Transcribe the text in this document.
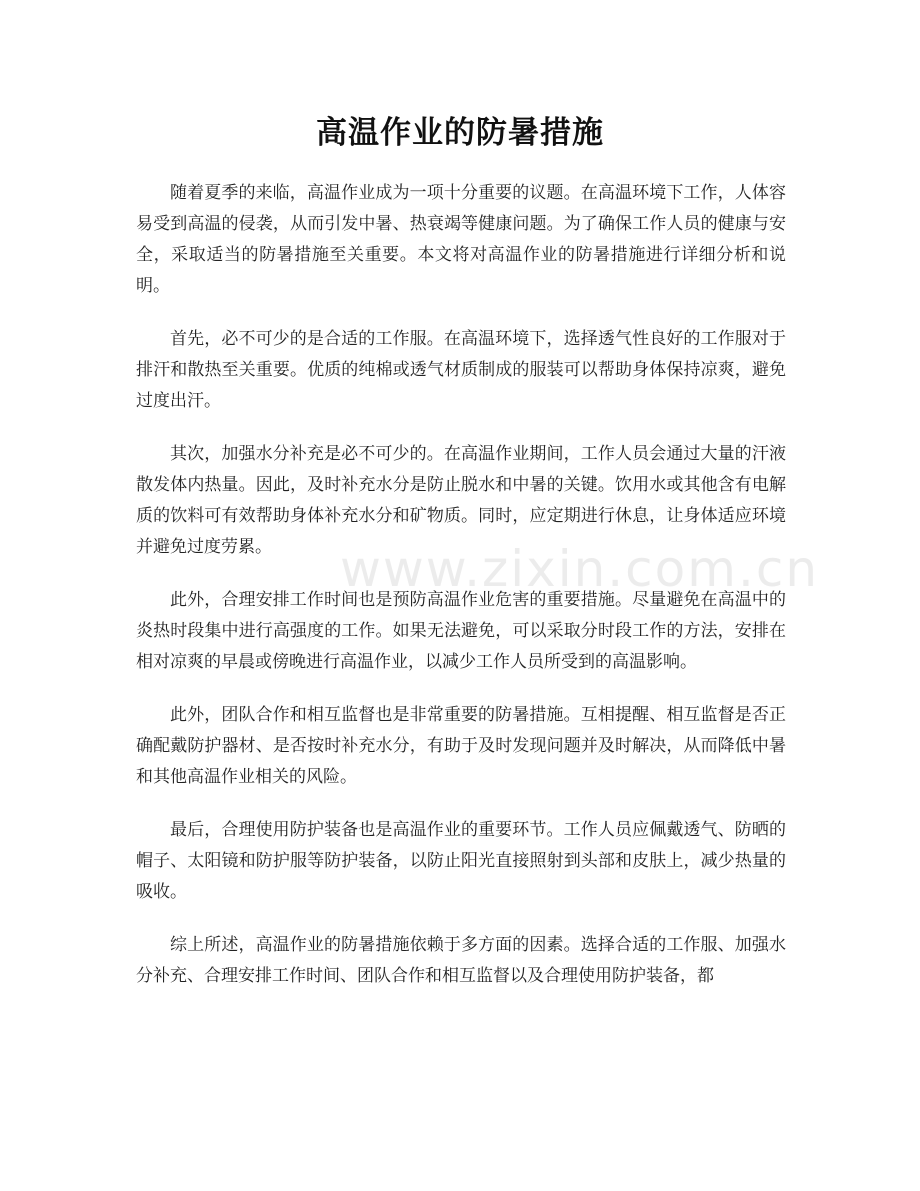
高温作业的防暑措施

随着夏季的来临，高温作业成为一项十分重要的议题。在高温环境下工作，人体容易受到高温的侵袭，从而引发中暑、热衰竭等健康问题。为了确保工作人员的健康与安全，采取适当的防暑措施至关重要。本文将对高温作业的防暑措施进行详细分析和说明。

首先，必不可少的是合适的工作服。在高温环境下，选择透气性良好的工作服对于排汗和散热至关重要。优质的纯棉或透气材质制成的服装可以帮助身体保持凉爽，避免过度出汗。

其次，加强水分补充是必不可少的。在高温作业期间，工作人员会通过大量的汗液散发体内热量。因此，及时补充水分是防止脱水和中暑的关键。饮用水或其他含有电解质的饮料可有效帮助身体补充水分和矿物质。同时，应定期进行休息，让身体适应环境并避免过度劳累。

此外，合理安排工作时间也是预防高温作业危害的重要措施。尽量避免在高温中的炎热时段集中进行高强度的工作。如果无法避免，可以采取分时段工作的方法，安排在相对凉爽的早晨或傍晚进行高温作业，以减少工作人员所受到的高温影响。

此外，团队合作和相互监督也是非常重要的防暑措施。互相提醒、相互监督是否正确配戴防护器材、是否按时补充水分，有助于及时发现问题并及时解决，从而降低中暑和其他高温作业相关的风险。

最后，合理使用防护装备也是高温作业的重要环节。工作人员应佩戴透气、防晒的帽子、太阳镜和防护服等防护装备，以防止阳光直接照射到头部和皮肤上，减少热量的吸收。

综上所述，高温作业的防暑措施依赖于多方面的因素。选择合适的工作服、加强水分补充、合理安排工作时间、团队合作和相互监督以及合理使用防护装备，都

www.zixin.com.cn
